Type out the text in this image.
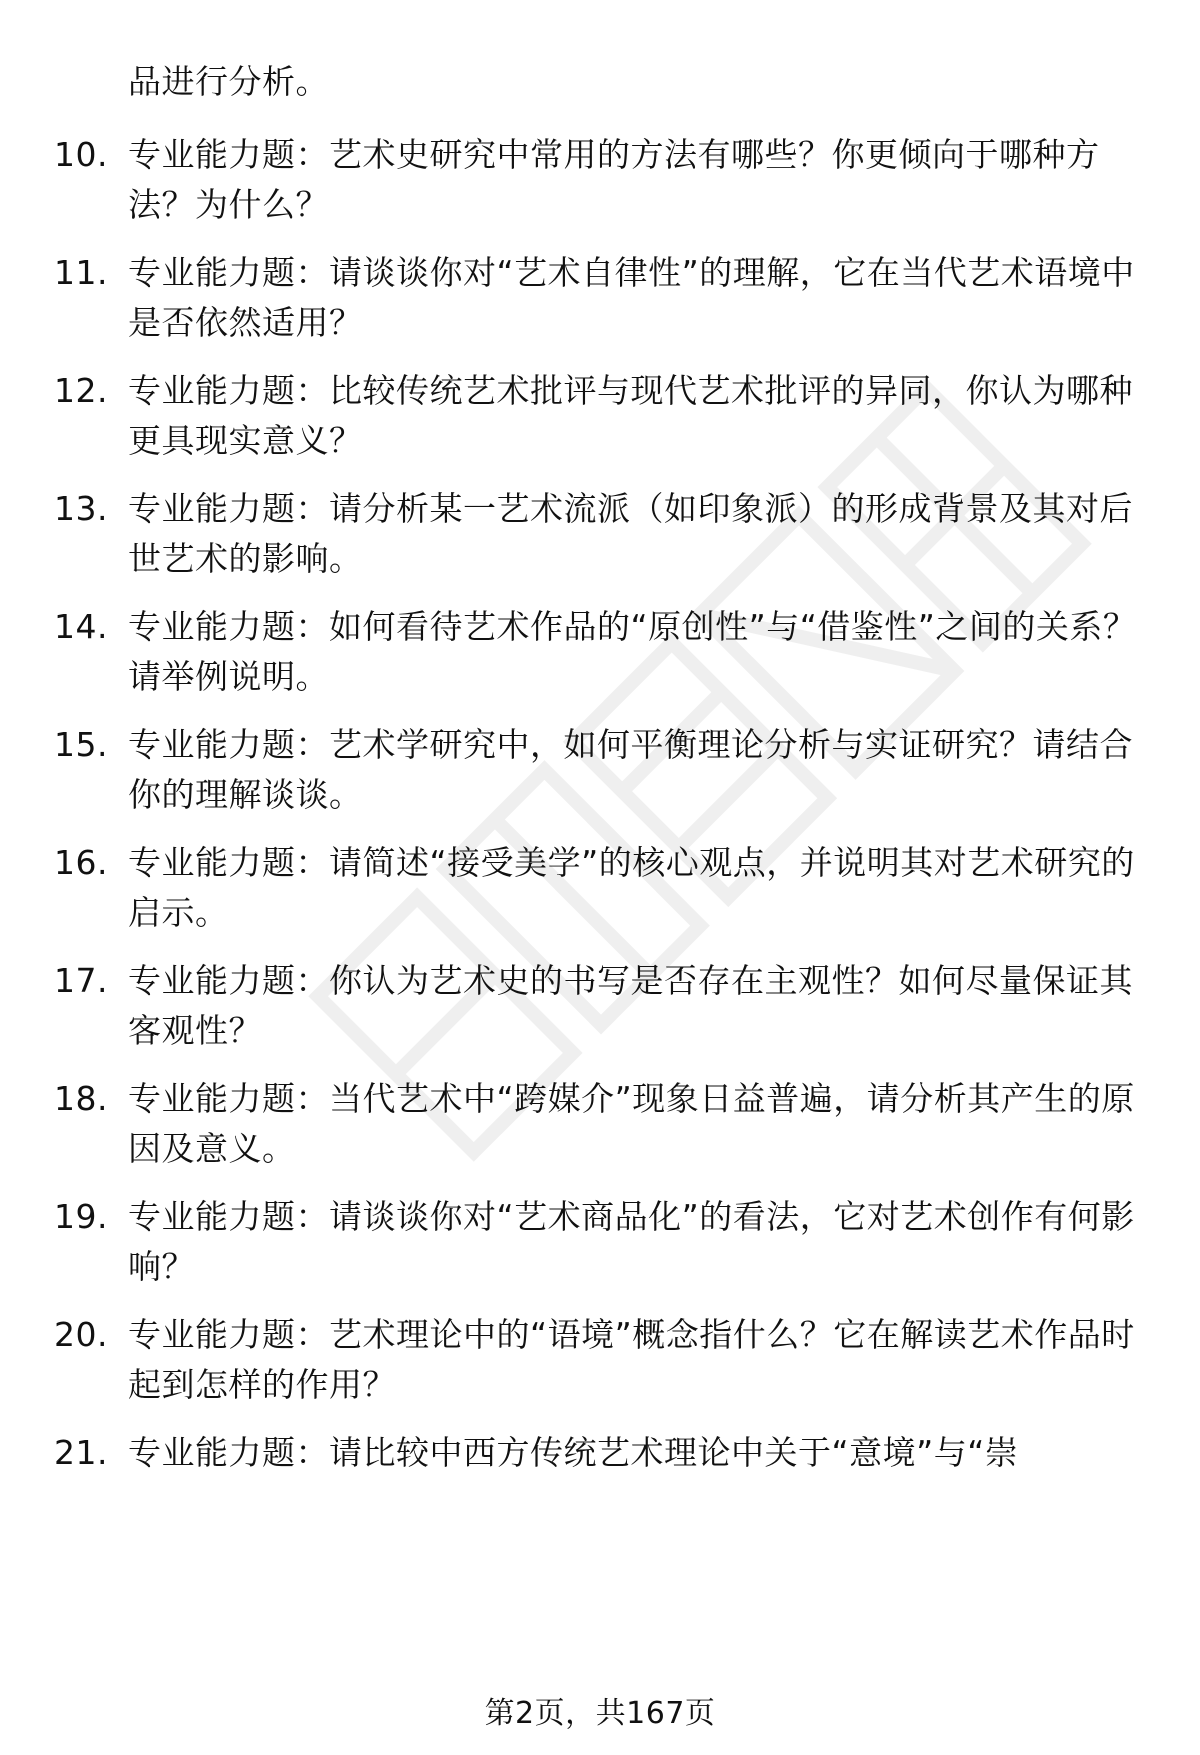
品进行分析。
10. 专业能力题：艺术史研究中常用的方法有哪些？你更倾向于哪种方法？为什么？
11. 专业能力题：请谈谈你对“艺术自律性”的理解，它在当代艺术语境中是否依然适用？
12. 专业能力题：比较传统艺术批评与现代艺术批评的异同，你认为哪种更具现实意义？
13. 专业能力题：请分析某一艺术流派（如印象派）的形成背景及其对后世艺术的影响。
14. 专业能力题：如何看待艺术作品的“原创性”与“借鉴性”之间的关系？请举例说明。
15. 专业能力题：艺术学研究中，如何平衡理论分析与实证研究？请结合你的理解谈谈。
16. 专业能力题：请简述“接受美学”的核心观点，并说明其对艺术研究的启示。
17. 专业能力题：你认为艺术史的书写是否存在主观性？如何尽量保证其客观性？
18. 专业能力题：当代艺术中“跨媒介”现象日益普遍，请分析其产生的原因及意义。
19. 专业能力题：请谈谈你对“艺术商品化”的看法，它对艺术创作有何影响？
20. 专业能力题：艺术理论中的“语境”概念指什么？它在解读艺术作品时起到怎样的作用？
21. 专业能力题：请比较中西方传统艺术理论中关于“意境”与“崇
第2页，共167页
